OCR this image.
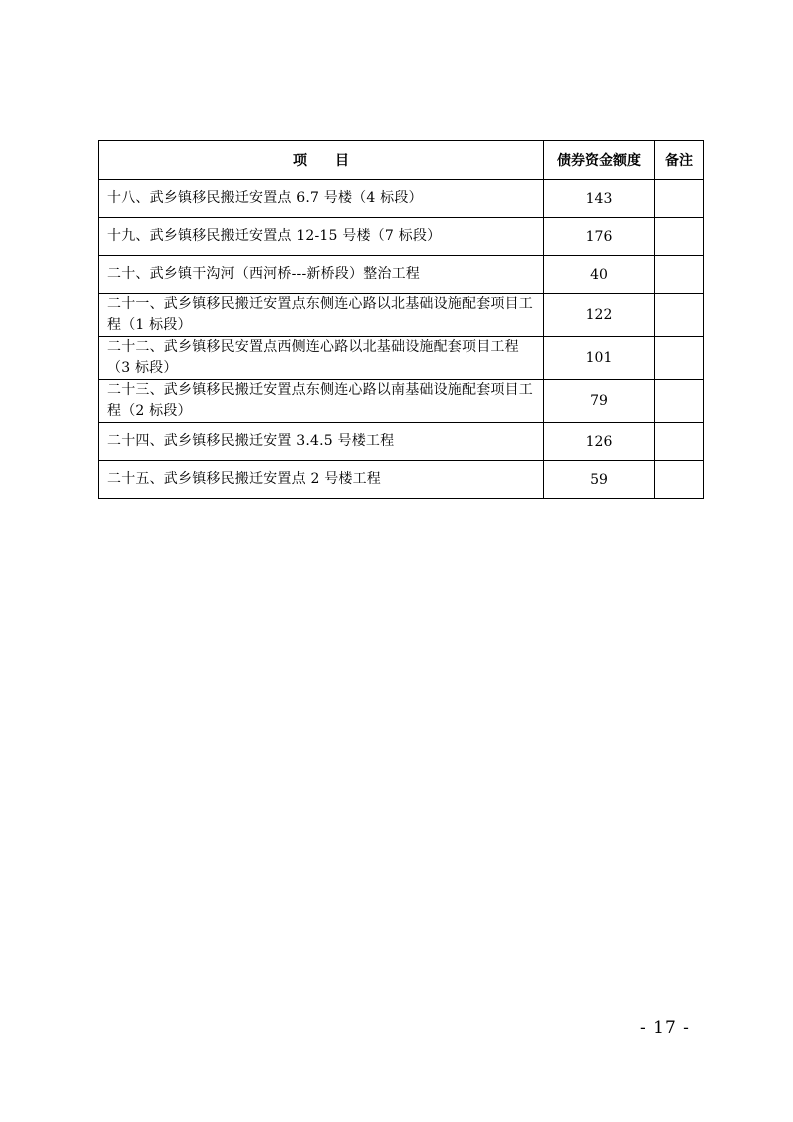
项　　目	债券资金额度	备注
十八、武乡镇移民搬迁安置点 6.7 号楼（4 标段）	143	
十九、武乡镇移民搬迁安置点 12-15 号楼（7 标段）	176	
二十、武乡镇干沟河（西河桥---新桥段）整治工程	40	
二十一、武乡镇移民搬迁安置点东侧连心路以北基础设施配套项目工程（1 标段）	122	
二十二、武乡镇移民安置点西侧连心路以北基础设施配套项目工程（3 标段）	101	
二十三、武乡镇移民搬迁安置点东侧连心路以南基础设施配套项目工程（2 标段）	79	
二十四、武乡镇移民搬迁安置 3.4.5 号楼工程	126	
二十五、武乡镇移民搬迁安置点 2 号楼工程	59	
- 17 -
